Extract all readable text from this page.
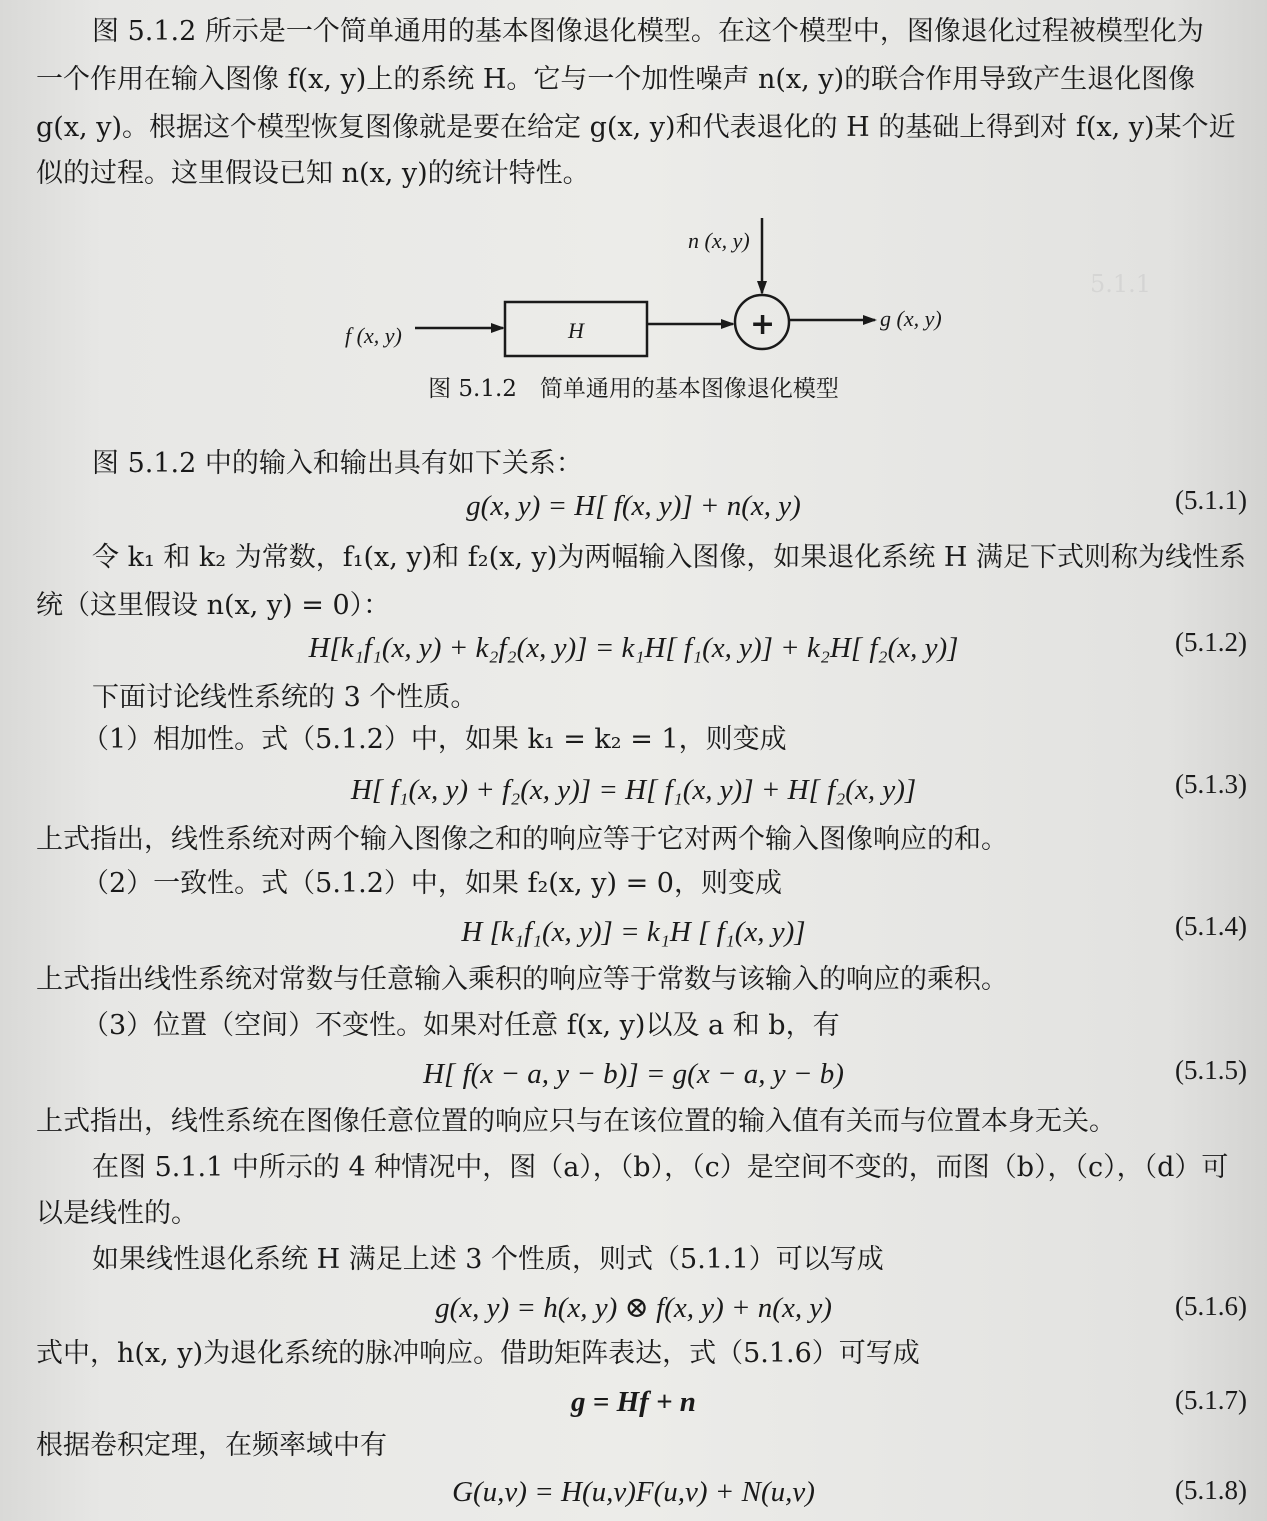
5.1.1
图 5.1.2 所示是一个简单通用的基本图像退化模型。在这个模型中，图像退化过程被模型化为
一个作用在输入图像 f(x, y)上的系统 H。它与一个加性噪声 n(x, y)的联合作用导致产生退化图像
g(x, y)。根据这个模型恢复图像就是要在给定 g(x, y)和代表退化的 H 的基础上得到对 f(x, y)某个近
似的过程。这里假设已知 n(x, y)的统计特性。
f (x, y)	H	+
n (x, y)
g (x, y)
图 5.1.2　简单通用的基本图像退化模型
图 5.1.2 中的输入和输出具有如下关系：
g(x, y) = H[ f(x, y)] + n(x, y)	(5.1.1)
令 k₁ 和 k₂ 为常数，f₁(x, y)和 f₂(x, y)为两幅输入图像，如果退化系统 H 满足下式则称为线性系
统（这里假设 n(x, y) = 0）：
H[k₁f₁(x, y) + k₂f₂(x, y)] = k₁H[ f₁(x, y)] + k₂H[ f₂(x, y)]	(5.1.2)
下面讨论线性系统的 3 个性质。
（1）相加性。式（5.1.2）中，如果 k₁ = k₂ = 1，则变成
H[ f₁(x, y) + f₂(x, y)] = H[ f₁(x, y)] + H[ f₂(x, y)]	(5.1.3)
上式指出，线性系统对两个输入图像之和的响应等于它对两个输入图像响应的和。
（2）一致性。式（5.1.2）中，如果 f₂(x, y) = 0，则变成
H [k₁f₁(x, y)] = k₁H [ f₁(x, y)]	(5.1.4)
上式指出线性系统对常数与任意输入乘积的响应等于常数与该输入的响应的乘积。
（3）位置（空间）不变性。如果对任意 f(x, y)以及 a 和 b，有
H[ f(x − a, y − b)] = g(x − a, y − b)	(5.1.5)
上式指出，线性系统在图像任意位置的响应只与在该位置的输入值有关而与位置本身无关。
在图 5.1.1 中所示的 4 种情况中，图（a），（b），（c）是空间不变的，而图（b），（c），（d）可
以是线性的。
如果线性退化系统 H 满足上述 3 个性质，则式（5.1.1）可以写成
g(x, y) = h(x, y) ⊗ f(x, y) + n(x, y)	(5.1.6)
式中，h(x, y)为退化系统的脉冲响应。借助矩阵表达，式（5.1.6）可写成
g = Hf + n	(5.1.7)
根据卷积定理，在频率域中有
G(u,v) = H(u,v)F(u,v) + N(u,v)	(5.1.8)
